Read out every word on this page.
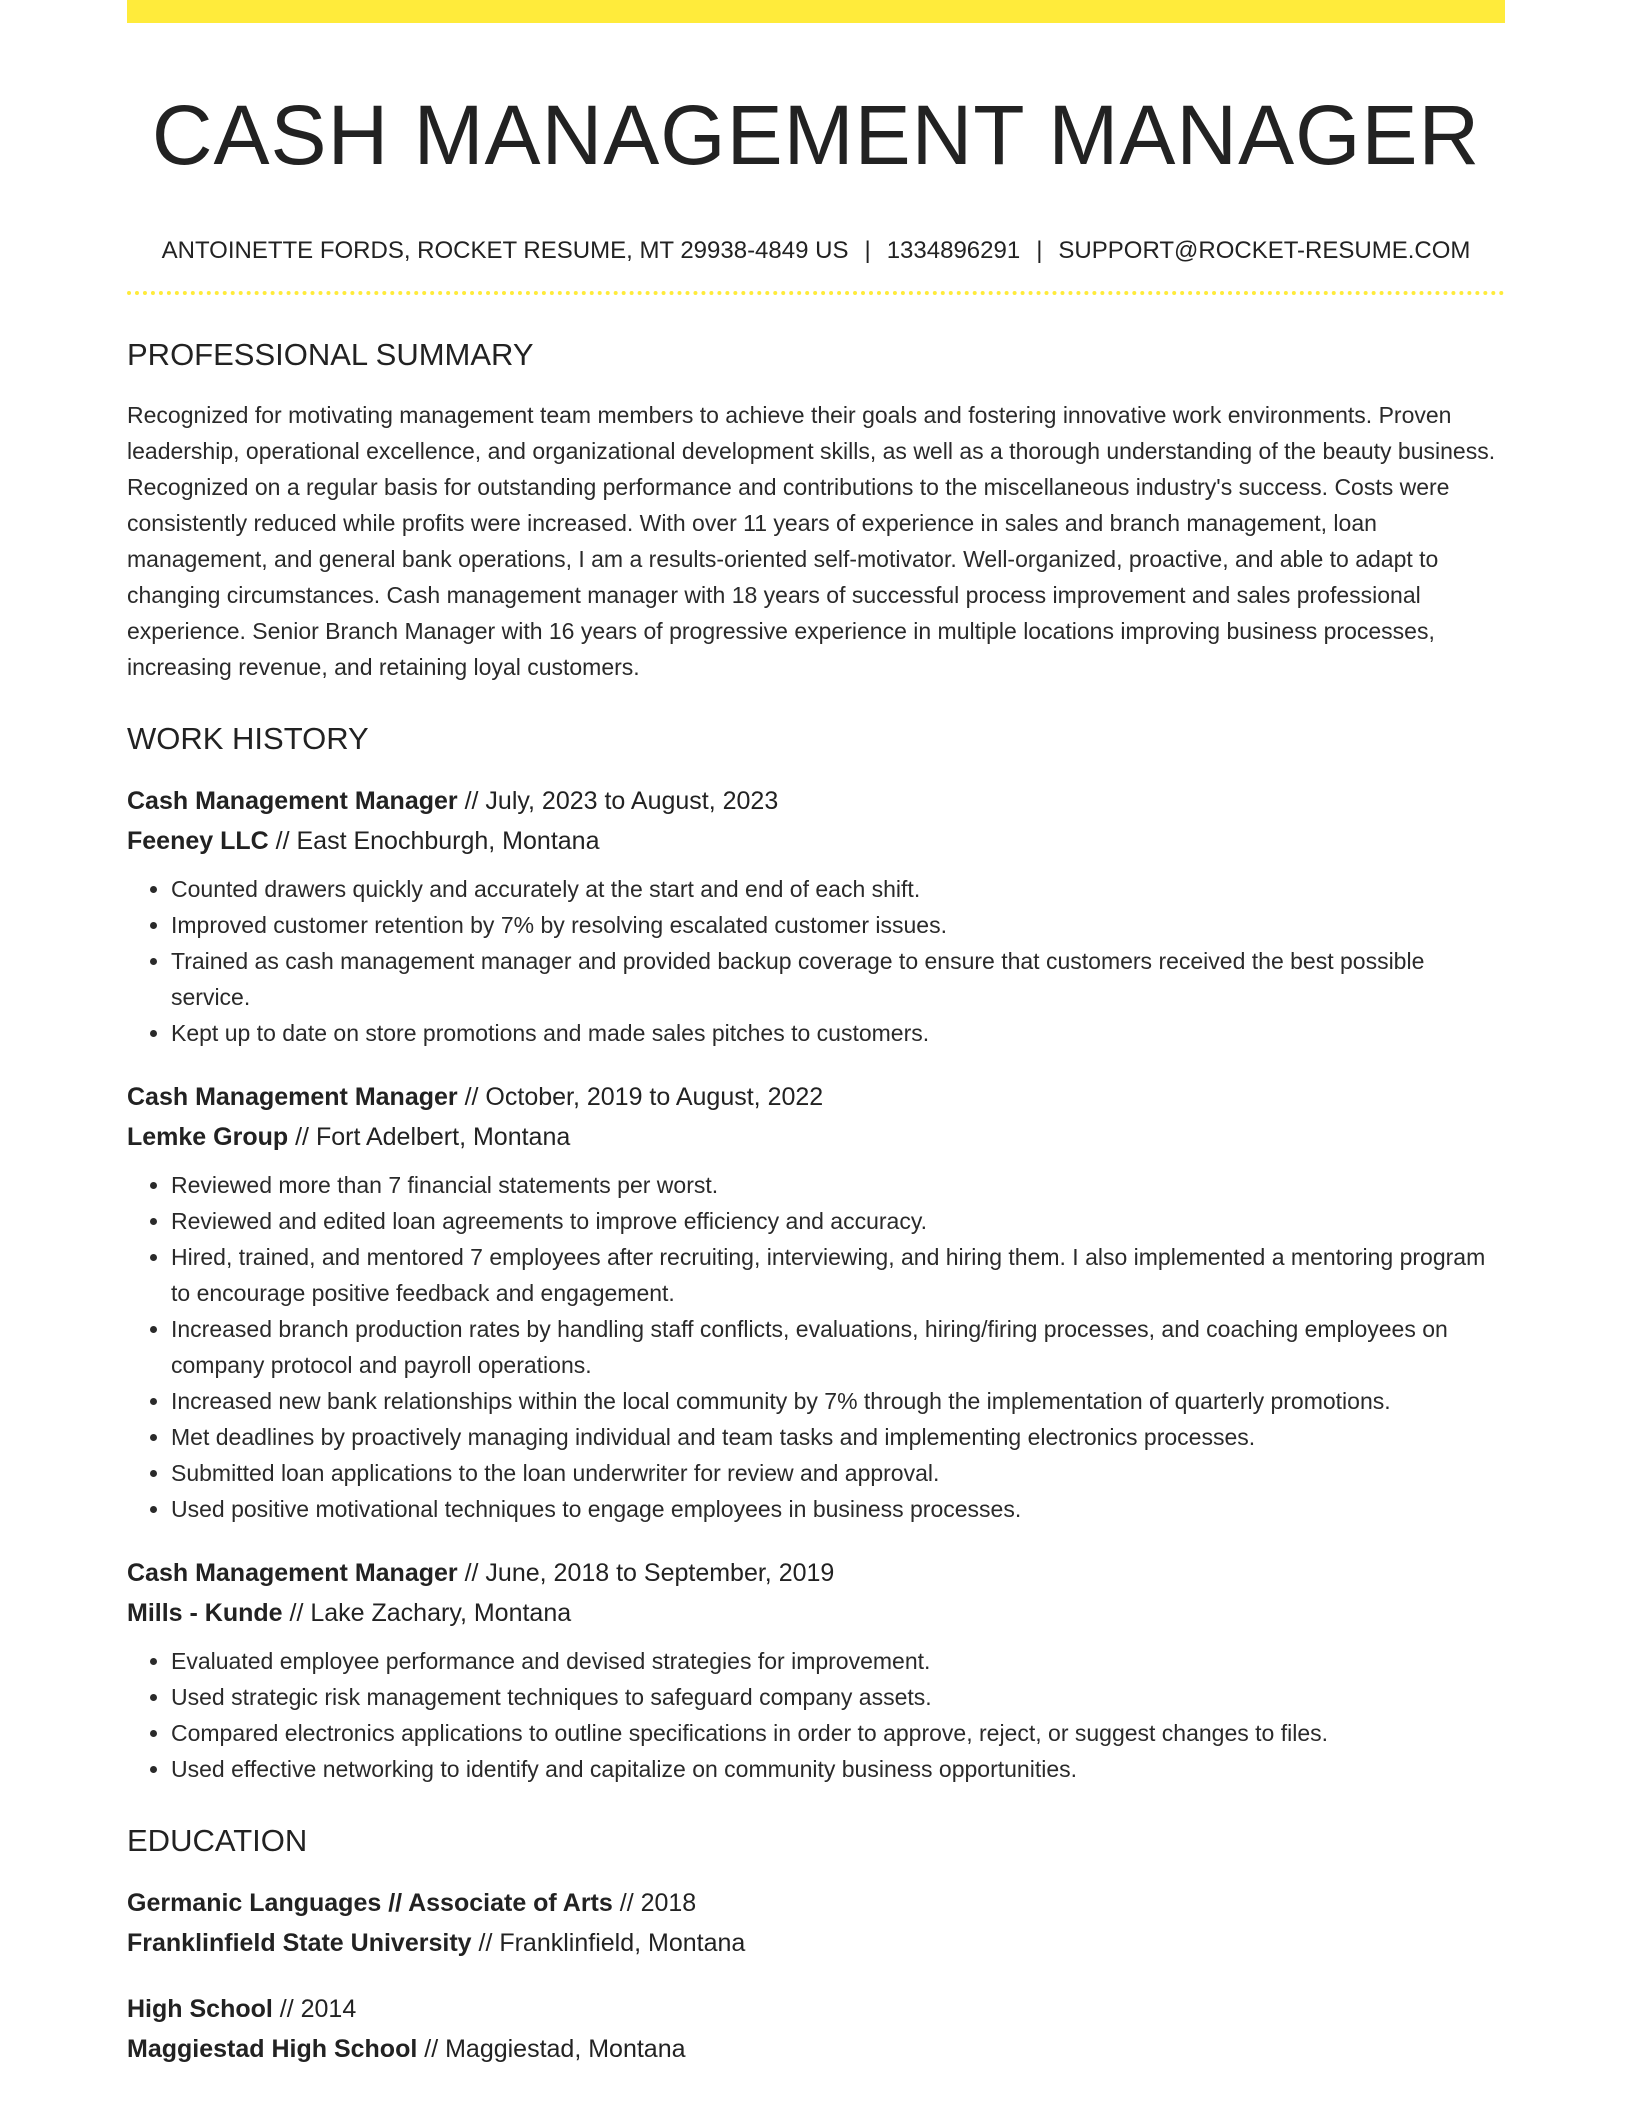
CASH MANAGEMENT MANAGER
ANTOINETTE FORDS, ROCKET RESUME, MT 29938-4849 US | 1334896291 | SUPPORT@ROCKET-RESUME.COM
PROFESSIONAL SUMMARY

Recognized for motivating management team members to achieve their goals and fostering innovative work environments. Proven leadership, operational excellence, and organizational development skills, as well as a thorough understanding of the beauty business. Recognized on a regular basis for outstanding performance and contributions to the miscellaneous industry's success. Costs were consistently reduced while profits were increased. With over 11 years of experience in sales and branch management, loan management, and general bank operations, I am a results-oriented self-motivator. Well-organized, proactive, and able to adapt to changing circumstances. Cash management manager with 18 years of successful process improvement and sales professional experience. Senior Branch Manager with 16 years of progressive experience in multiple locations improving business processes, increasing revenue, and retaining loyal customers.

WORK HISTORY
Cash Management Manager // July, 2023 to August, 2023
Feeney LLC // East Enochburgh, Montana
• Counted drawers quickly and accurately at the start and end of each shift.
• Improved customer retention by 7% by resolving escalated customer issues.
• Trained as cash management manager and provided backup coverage to ensure that customers received the best possible service.
• Kept up to date on store promotions and made sales pitches to customers.
Cash Management Manager // October, 2019 to August, 2022
Lemke Group // Fort Adelbert, Montana
• Reviewed more than 7 financial statements per worst.
• Reviewed and edited loan agreements to improve efficiency and accuracy.
• Hired, trained, and mentored 7 employees after recruiting, interviewing, and hiring them. I also implemented a mentoring program to encourage positive feedback and engagement.
• Increased branch production rates by handling staff conflicts, evaluations, hiring/firing processes, and coaching employees on company protocol and payroll operations.
• Increased new bank relationships within the local community by 7% through the implementation of quarterly promotions.
• Met deadlines by proactively managing individual and team tasks and implementing electronics processes.
• Submitted loan applications to the loan underwriter for review and approval.
• Used positive motivational techniques to engage employees in business processes.
Cash Management Manager // June, 2018 to September, 2019
Mills - Kunde // Lake Zachary, Montana
• Evaluated employee performance and devised strategies for improvement.
• Used strategic risk management techniques to safeguard company assets.
• Compared electronics applications to outline specifications in order to approve, reject, or suggest changes to files.
• Used effective networking to identify and capitalize on community business opportunities.
EDUCATION
Germanic Languages // Associate of Arts // 2018
Franklinfield State University // Franklinfield, Montana
High School // 2014
Maggiestad High School // Maggiestad, Montana
